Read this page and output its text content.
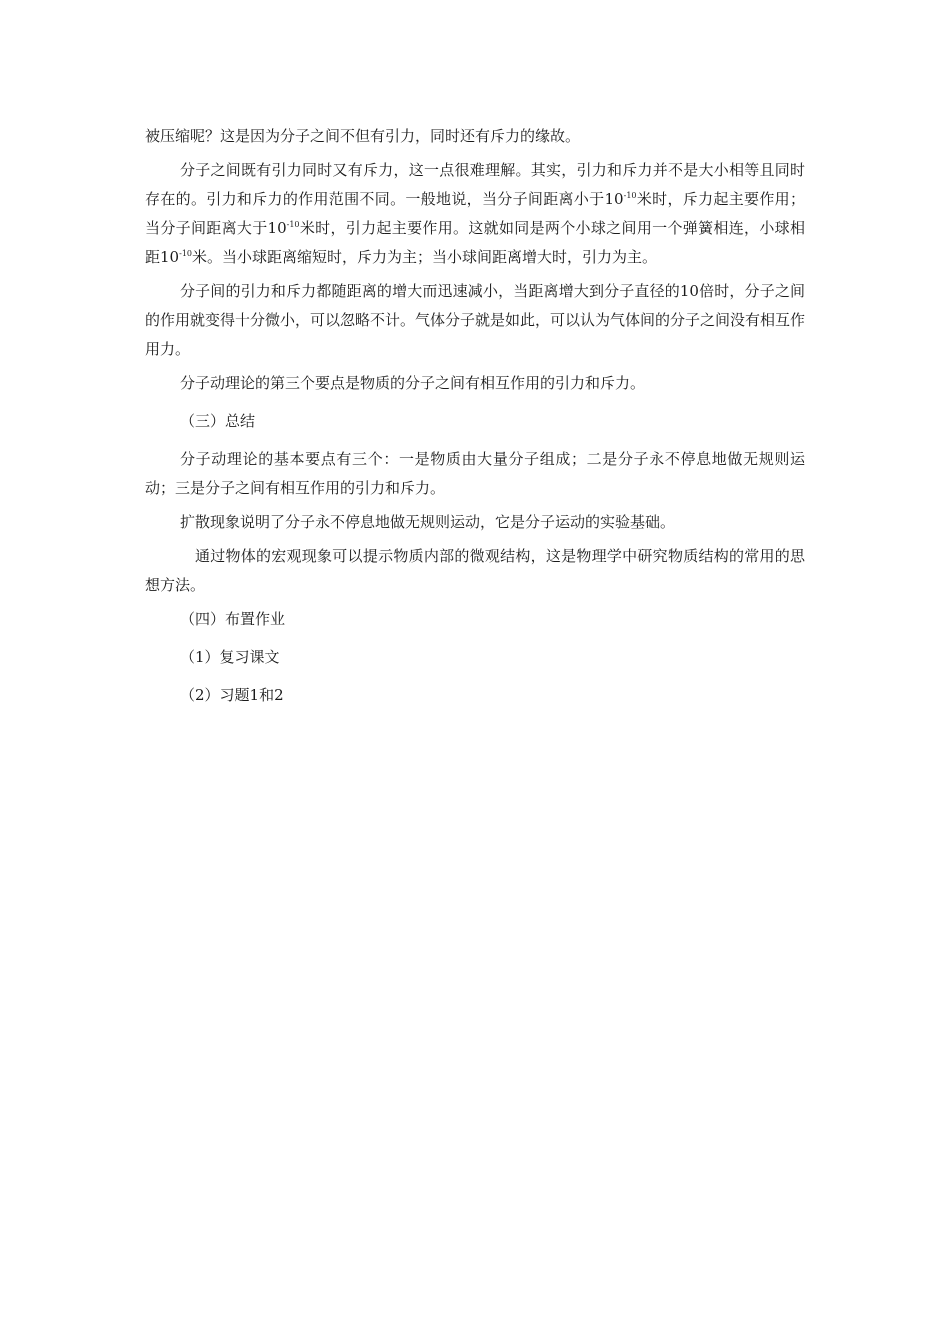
被压缩呢？这是因为分子之间不但有引力，同时还有斥力的缘故。

分子之间既有引力同时又有斥力，这一点很难理解。其实，引力和斥力并不是大小相等且同时存在的。引力和斥力的作用范围不同。一般地说，当分子间距离小于$10^{-10}$米时，斥力起主要作用；当分子间距离大于$10^{-10}$米时，引力起主要作用。这就如同是两个小球之间用一个弹簧相连，小球相距$10^{-10}$米。当小球距离缩短时，斥力为主；当小球间距离增大时，引力为主。

分子间的引力和斥力都随距离的增大而迅速减小，当距离增大到分子直径的10倍时，分子之间的作用就变得十分微小，可以忽略不计。气体分子就是如此，可以认为气体间的分子之间没有相互作用力。

分子动理论的第三个要点是物质的分子之间有相互作用的引力和斥力。

（三）总结

分子动理论的基本要点有三个：一是物质由大量分子组成；二是分子永不停息地做无规则运动；三是分子之间有相互作用的引力和斥力。

扩散现象说明了分子永不停息地做无规则运动，它是分子运动的实验基础。

通过物体的宏观现象可以提示物质内部的微观结构，这是物理学中研究物质结构的常用的思想方法。

（四）布置作业

（1）复习课文

（2）习题1和2
